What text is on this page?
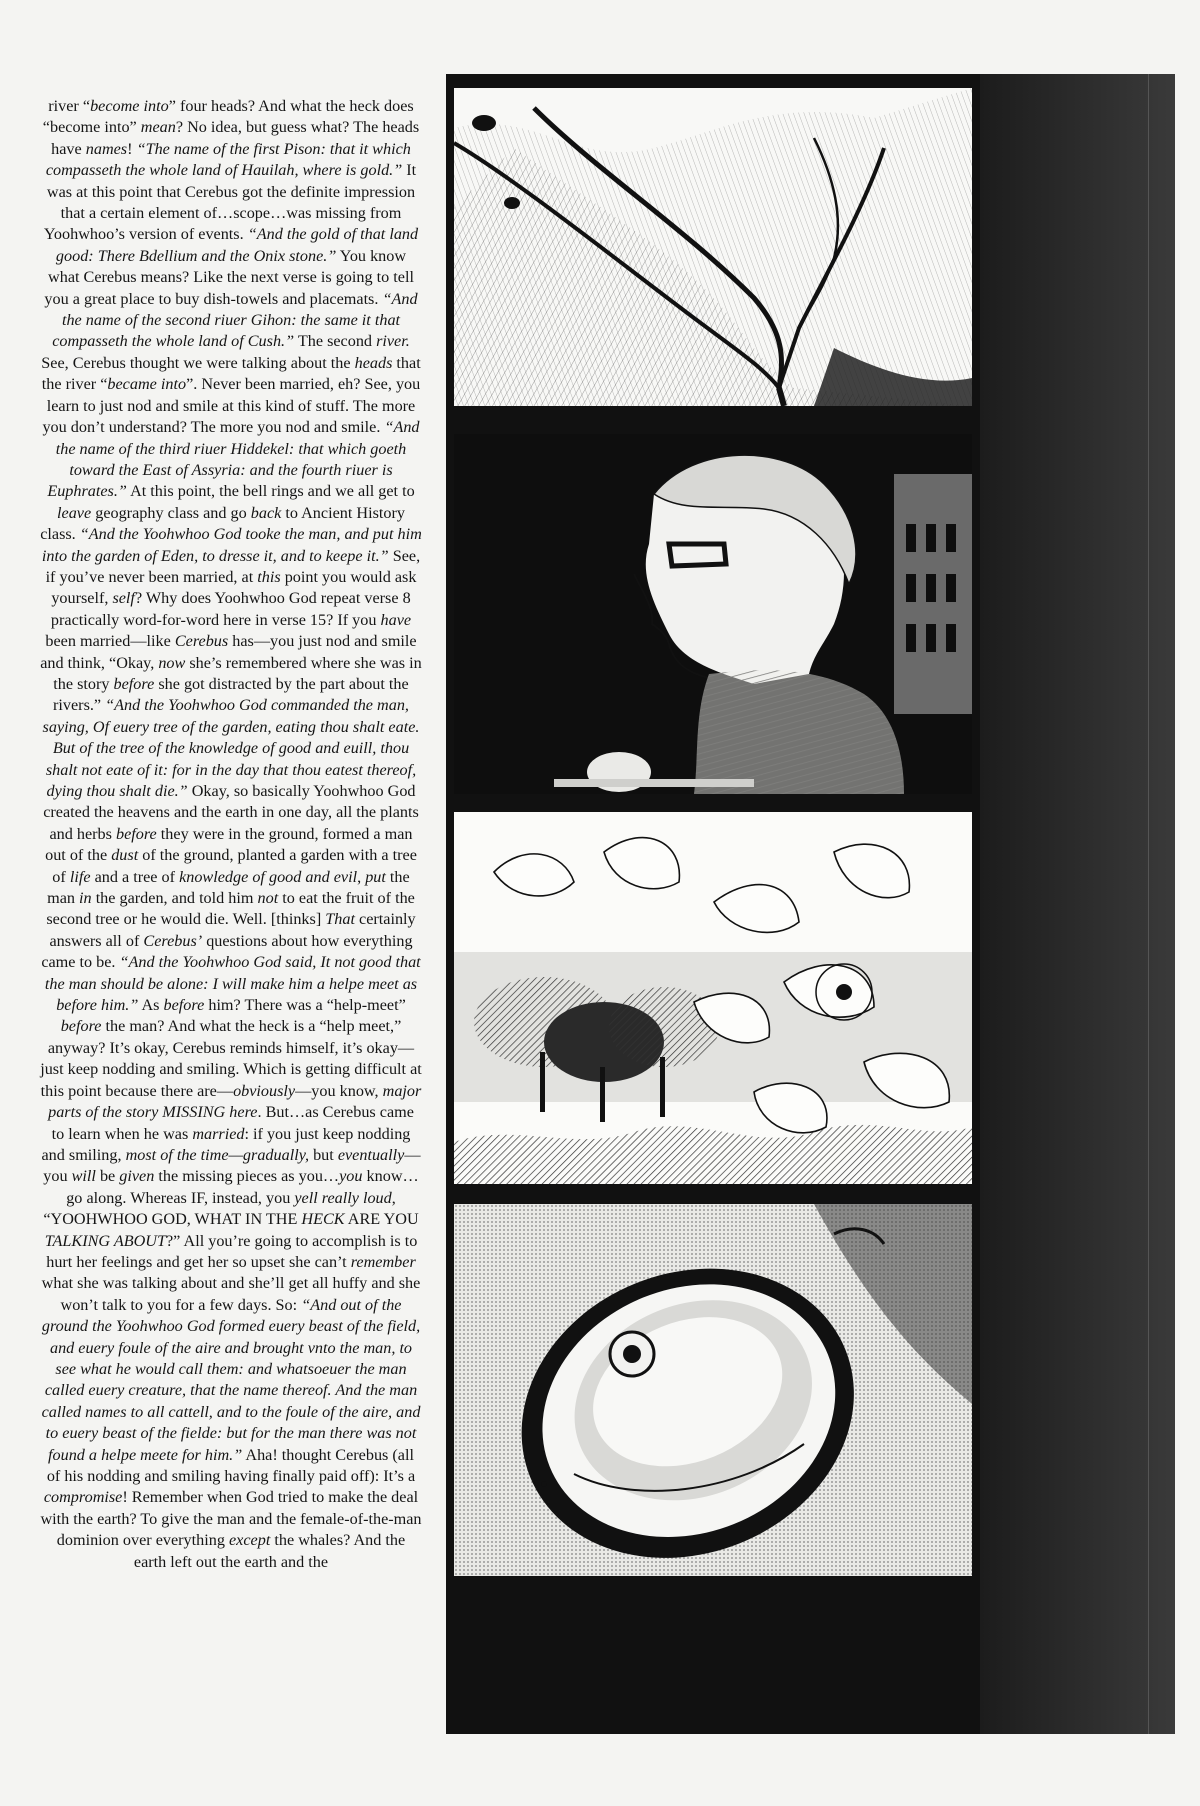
river “become into” four heads? And what the heck does “become into” mean? No idea, but guess what? The heads have names! “The name of the first Pison: that it which compasseth the whole land of Hauilah, where is gold.” It was at this point that Cerebus got the definite impression that a certain element of…scope…was missing from Yoohwhoo’s version of events. “And the gold of that land good: There Bdellium and the Onix stone.” You know what Cerebus means? Like the next verse is going to tell you a great place to buy dish-towels and placemats. “And the name of the second riuer Gihon: the same it that compasseth the whole land of Cush.” The second river. See, Cerebus thought we were talking about the heads that the river “became into”. Never been married, eh? See, you learn to just nod and smile at this kind of stuff. The more you don’t understand? The more you nod and smile. “And the name of the third riuer Hiddekel: that which goeth toward the East of Assyria: and the fourth riuer is Euphrates.” At this point, the bell rings and we all get to leave geography class and go back to Ancient History class. “And the Yoohwhoo God tooke the man, and put him into the garden of Eden, to dresse it, and to keepe it.” See, if you’ve never been married, at this point you would ask yourself, self? Why does Yoohwhoo God repeat verse 8 practically word-for-word here in verse 15? If you have been married—like Cerebus has—you just nod and smile and think, “Okay, now she’s remembered where she was in the story before she got distracted by the part about the rivers.” “And the Yoohwhoo God commanded the man, saying, Of euery tree of the garden, eating thou shalt eate. But of the tree of the knowledge of good and euill, thou shalt not eate of it: for in the day that thou eatest thereof, dying thou shalt die.” Okay, so basically Yoohwhoo God created the heavens and the earth in one day, all the plants and herbs before they were in the ground, formed a man out of the dust of the ground, planted a garden with a tree of life and a tree of knowledge of good and evil, put the man in the garden, and told him not to eat the fruit of the second tree or he would die. Well. [thinks] That certainly answers all of Cerebus’ questions about how everything came to be. “And the Yoohwhoo God said, It not good that the man should be alone: I will make him a helpe meet as before him.” As before him? There was a “help-meet” before the man? And what the heck is a “help meet,” anyway? It’s okay, Cerebus reminds himself, it’s okay—just keep nodding and smiling. Which is getting difficult at this point because there are—obviously—you know, major parts of the story MISSING here. But…as Cerebus came to learn when he was married: if you just keep nodding and smiling, most of the time—gradually, but eventually— you will be given the missing pieces as you…you know…go along. Whereas IF, instead, you yell really loud, “YOOHWHOO GOD, WHAT IN THE HECK ARE YOU TALKING ABOUT?” All you’re going to accomplish is to hurt her feelings and get her so upset she can’t remember what she was talking about and she’ll get all huffy and she won’t talk to you for a few days. So: “And out of the ground the Yoohwhoo God formed euery beast of the field, and euery foule of the aire and brought vnto the man, to see what he would call them: and whatsoeuer the man called euery creature, that the name thereof. And the man called names to all cattell, and to the foule of the aire, and to euery beast of the fielde: but for the man there was not found a helpe meete for him.” Aha! thought Cerebus (all of his nodding and smiling having finally paid off): It’s a compromise! Remember when God tried to make the deal with the earth? To give the man and the female-of-the-man dominion over everything except the whales? And the earth left out the earth and the
